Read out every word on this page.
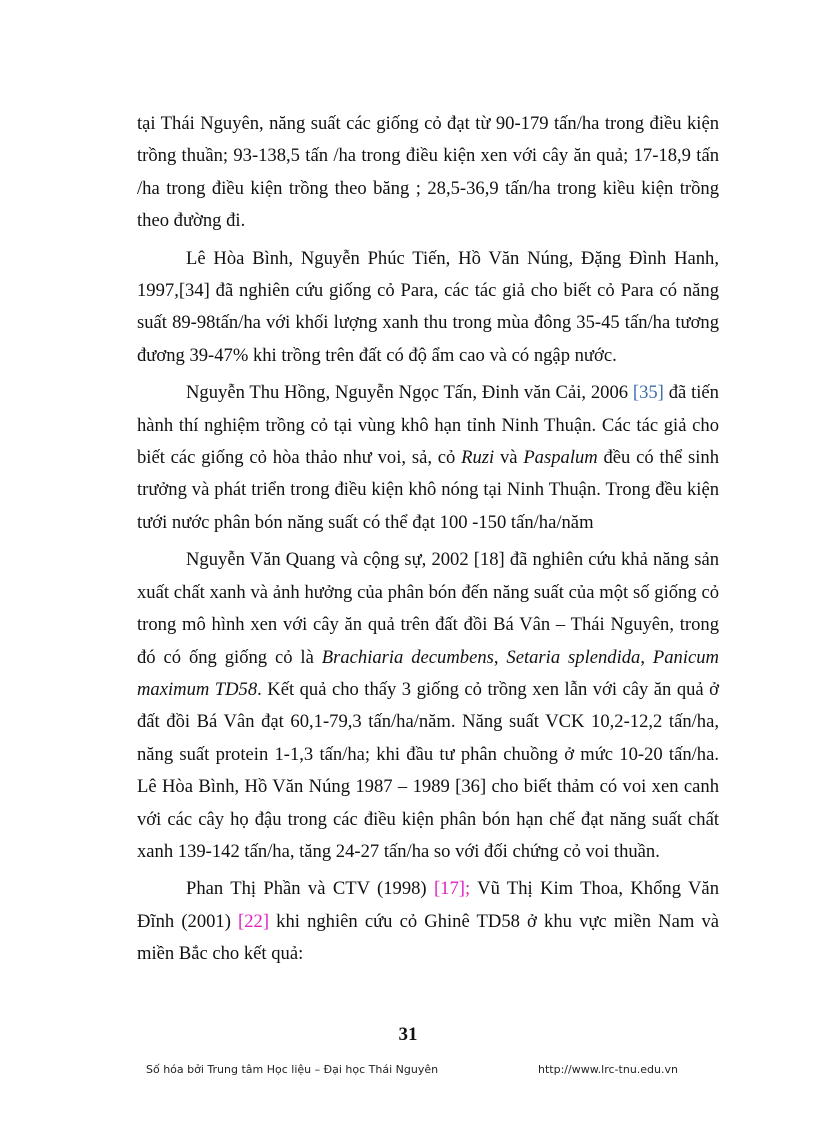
tại Thái Nguyên, năng suất các giống cỏ đạt từ 90-179 tấn/ha trong điều kiện trồng thuần; 93-138,5 tấn /ha trong điều kiện xen với cây ăn quả; 17-18,9 tấn /ha trong điều kiện trồng theo băng ; 28,5-36,9 tấn/ha trong kiều kiện trồng theo đường đi.

Lê Hòa Bình, Nguyễn Phúc Tiến, Hồ Văn Núng, Đặng Đình Hanh, 1997,[34] đã nghiên cứu giống cỏ Para, các tác giả cho biết cỏ Para có năng suất 89-98tấn/ha với khối lượng xanh thu trong mùa đông 35-45 tấn/ha tương đương 39-47% khi trồng trên đất có độ ẩm cao và có ngập nước.

Nguyễn Thu Hồng, Nguyễn Ngọc Tấn, Đinh văn Cải, 2006 [35] đã tiến hành thí nghiệm trồng cỏ tại vùng khô hạn tỉnh Ninh Thuận. Các tác giả cho biết các giống cỏ hòa thảo như voi, sả, cỏ Ruzi và Paspalum đều có thể sinh trưởng và phát triển trong điều kiện khô nóng tại Ninh Thuận. Trong đều kiện tưới nước phân bón năng suất có thể đạt 100 -150 tấn/ha/năm

Nguyễn Văn Quang và cộng sự, 2002 [18] đã nghiên cứu khả năng sản xuất chất xanh và ảnh hưởng của phân bón đến năng suất của một số giống cỏ trong mô hình xen với cây ăn quả trên đất đồi Bá Vân – Thái Nguyên, trong đó có ống giống cỏ là Brachiaria decumbens, Setaria splendida, Panicum maximum TD58. Kết quả cho thấy 3 giống cỏ trồng xen lẫn với cây ăn quả ở đất đồi Bá Vân đạt 60,1-79,3 tấn/ha/năm. Năng suất VCK 10,2-12,2 tấn/ha, năng suất protein 1-1,3 tấn/ha; khi đầu tư phân chuồng ở mức 10-20 tấn/ha. Lê Hòa Bình, Hồ Văn Núng 1987 – 1989 [36] cho biết thảm có voi xen canh với các cây họ đậu trong các điều kiện phân bón hạn chế đạt năng suất chất xanh 139-142 tấn/ha, tăng 24-27 tấn/ha so với đối chứng cỏ voi thuần.

Phan Thị Phần và CTV (1998) [17]; Vũ Thị Kim Thoa, Khổng Văn Đĩnh (2001) [22] khi nghiên cứu cỏ Ghinê TD58 ở khu vực miền Nam và miền Bắc cho kết quả:

31
Số hóa bởi Trung tâm Học liệu – Đại học Thái Nguyên	http://www.lrc-tnu.edu.vn
